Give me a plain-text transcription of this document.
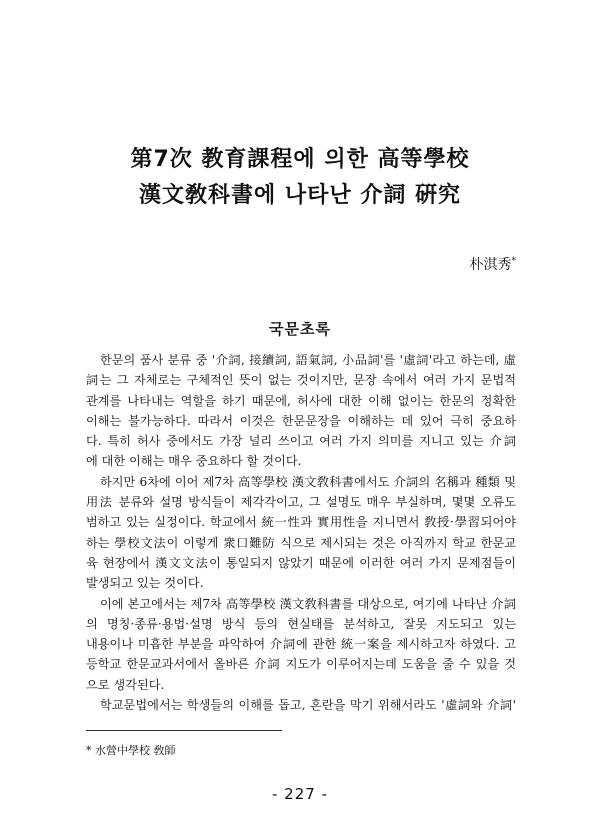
第7次 教育課程에 의한 高等學校
漢文敎科書에 나타난 介詞 硏究
朴淇秀*
국문초록
한문의 품사 분류 중 '介詞, 接續詞, 語氣詞, 小品詞'를 '虛詞'라고 하는데, 虛
詞는 그 자체로는 구체적인 뜻이 없는 것이지만, 문장 속에서 여러 가지 문법적
관계를 나타내는 역할을 하기 때문에, 허사에 대한 이해 없이는 한문의 정확한
이해는 불가능하다. 따라서 이것은 한문문장을 이해하는 데 있어 극히 중요하
다. 특히 허사 중에서도 가장 널리 쓰이고 여러 가지 의미를 지니고 있는 介詞
에 대한 이해는 매우 중요하다 할 것이다.
하지만 6차에 이어 제7차 高等學校 漢文敎科書에서도 介詞의 名稱과 種類 및
用法 분류와 설명 방식들이 제각각이고, 그 설명도 매우 부실하며, 몇몇 오류도
범하고 있는 실정이다. 학교에서 統一性과 實用性을 지니면서 敎授·學習되어야
하는 學校文法이 이렇게 衆口難防 식으로 제시되는 것은 아직까지 학교 한문교
육 현장에서 漢文文法이 통일되지 않았기 때문에 이러한 여러 가지 문제점들이
발생되고 있는 것이다.
이에 본고에서는 제7차 高等學校 漢文敎科書를 대상으로, 여기에 나타난 介詞
의 명칭·종류·용법·설명 방식 등의 현실태를 분석하고, 잘못 지도되고 있는
내용이나 미흡한 부분을 파악하여 介詞에 관한 統一案을 제시하고자 하였다. 고
등학교 한문교과서에서 올바른 介詞 지도가 이루어지는데 도움을 줄 수 있을 것
으로 생각된다.
학교문법에서는 학생들의 이해를 돕고, 혼란을 막기 위해서라도 '虛詞와 介詞'
* 水營中學校 敎師
- 227 -
